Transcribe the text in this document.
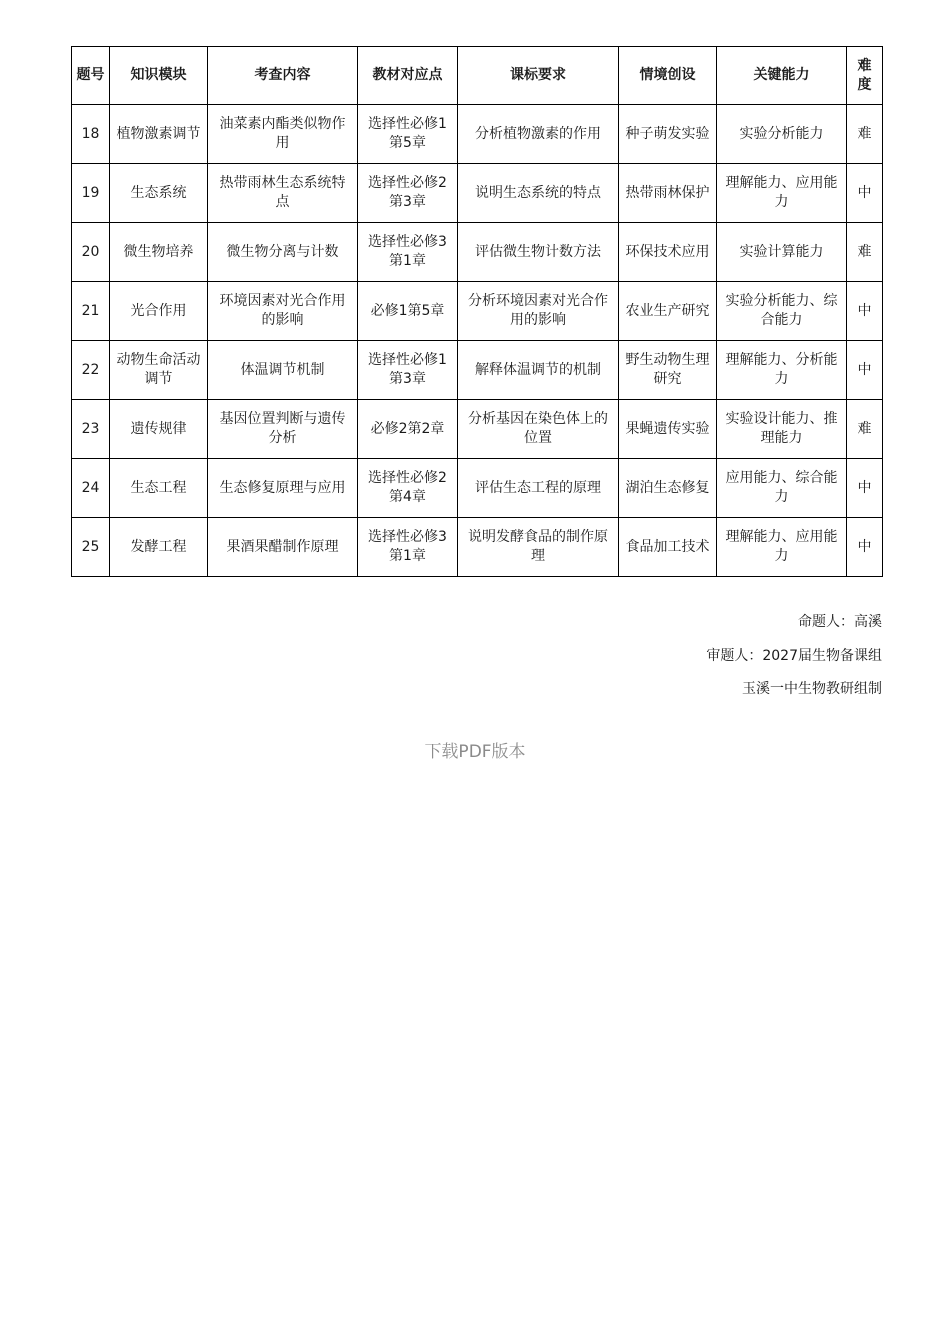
题号	知识模块	考查内容	教材对应点	课标要求	情境创设	关键能力	难度
18	植物激素调节	油菜素内酯类似物作用	选择性必修1第5章	分析植物激素的作用	种子萌发实验	实验分析能力	难
19	生态系统	热带雨林生态系统特点	选择性必修2第3章	说明生态系统的特点	热带雨林保护	理解能力、应用能力	中
20	微生物培养	微生物分离与计数	选择性必修3第1章	评估微生物计数方法	环保技术应用	实验计算能力	难
21	光合作用	环境因素对光合作用的影响	必修1第5章	分析环境因素对光合作用的影响	农业生产研究	实验分析能力、综合能力	中
22	动物生命活动调节	体温调节机制	选择性必修1第3章	解释体温调节的机制	野生动物生理研究	理解能力、分析能力	中
23	遗传规律	基因位置判断与遗传分析	必修2第2章	分析基因在染色体上的位置	果蝇遗传实验	实验设计能力、推理能力	难
24	生态工程	生态修复原理与应用	选择性必修2第4章	评估生态工程的原理	湖泊生态修复	应用能力、综合能力	中
25	发酵工程	果酒果醋制作原理	选择性必修3第1章	说明发酵食品的制作原理	食品加工技术	理解能力、应用能力	中
命题人：高溪
审题人：2027届生物备课组
玉溪一中生物教研组制
下载PDF版本
